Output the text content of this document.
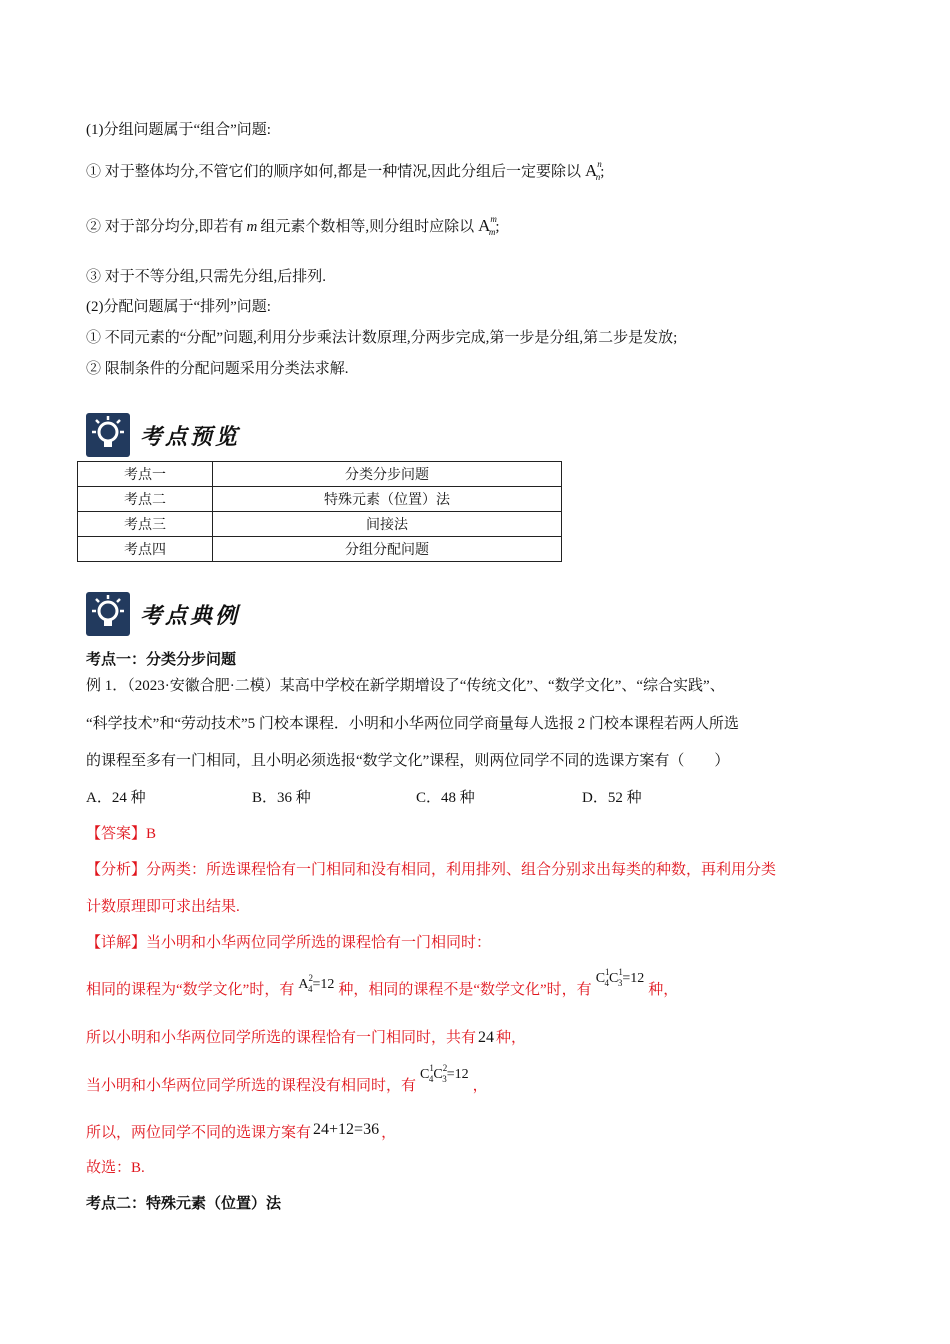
(1)分组问题属于“组合”问题:
① 对于整体均分,不管它们的顺序如何,都是一种情况,因此分组后一定要除以 $A^n_n$;
② 对于部分均分,即若有 m 组元素个数相等,则分组时应除以 $A^m_m$;
③ 对于不等分组,只需先分组,后排列.
(2)分配问题属于“排列”问题:
① 不同元素的“分配”问题,利用分步乘法计数原理,分两步完成,第一步是分组,第二步是发放;
② 限制条件的分配问题采用分类法求解.
考点预览
考点一	分类分步问题
考点二	特殊元素（位置）法
考点三	间接法
考点四	分组分配问题
考点典例
考点一：分类分步问题
例 1．（2023·安徽合肥·二模）某高中学校在新学期增设了“传统文化”、“数学文化”、“综合实践”、
“科学技术”和“劳动技术”5 门校本课程．小明和小华两位同学商量每人选报 2 门校本课程若两人所选
的课程至多有一门相同，且小明必须选报“数学文化”课程，则两位同学不同的选课方案有（　　）
A．24 种	B．36 种	C．48 种	D．52 种
【答案】B
【分析】分两类：所选课程恰有一门相同和没有相同，利用排列、组合分别求出每类的种数，再利用分类
计数原理即可求出结果.
【详解】当小明和小华两位同学所选的课程恰有一门相同时：
相同的课程为“数学文化”时，有 $A^2_4=12$ 种，相同的课程不是“数学文化”时，有$C^1_4C^1_3=12$种，
所以小明和小华两位同学所选的课程恰有一门相同时，共有 24 种，
当小明和小华两位同学所选的课程没有相同时，有$C^1_4C^2_3=12$，
所以，两位同学不同的选课方案有 24+12=36 ，
故选：B.
考点二：特殊元素（位置）法
